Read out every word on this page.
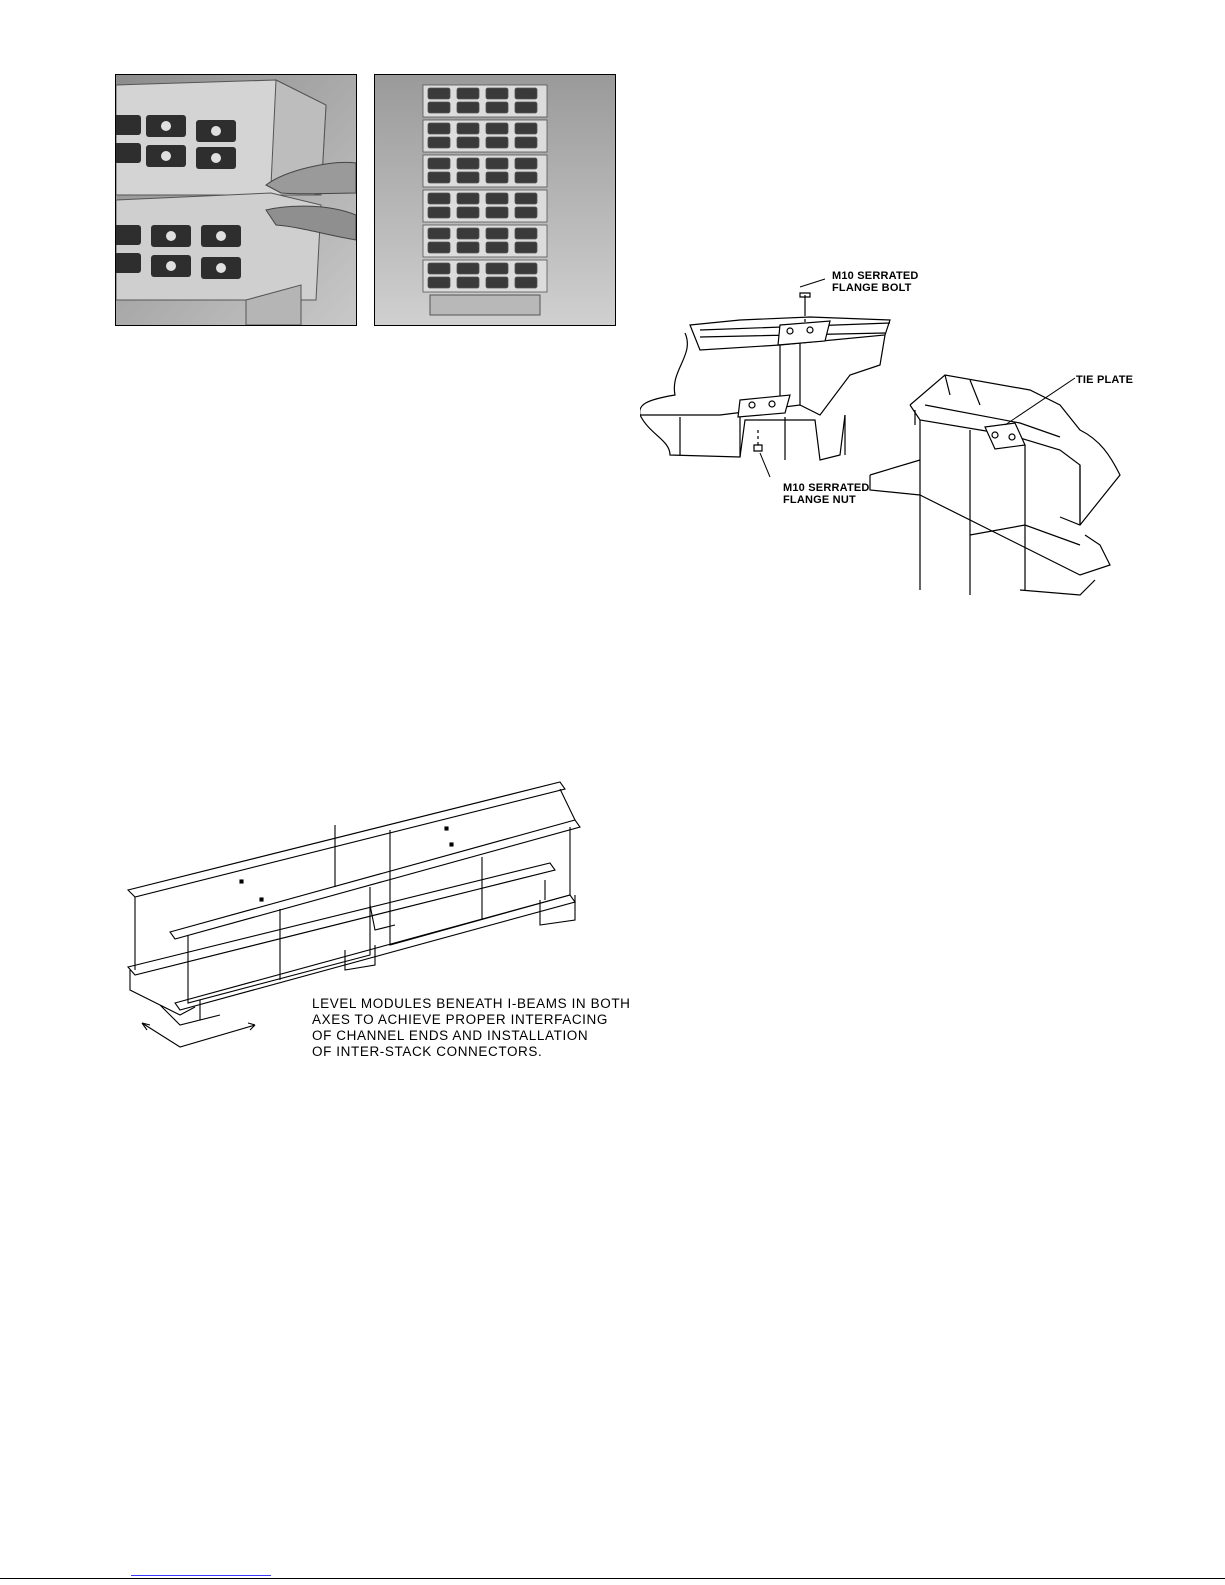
M10 SERRATED
FLANGE BOLT
M10 SERRATED
FLANGE NUT
TIE PLATE
LEVEL MODULES BENEATH I-BEAMS IN BOTH
AXES TO ACHIEVE PROPER INTERFACING
OF CHANNEL ENDS AND INSTALLATION
OF INTER-STACK CONNECTORS.
